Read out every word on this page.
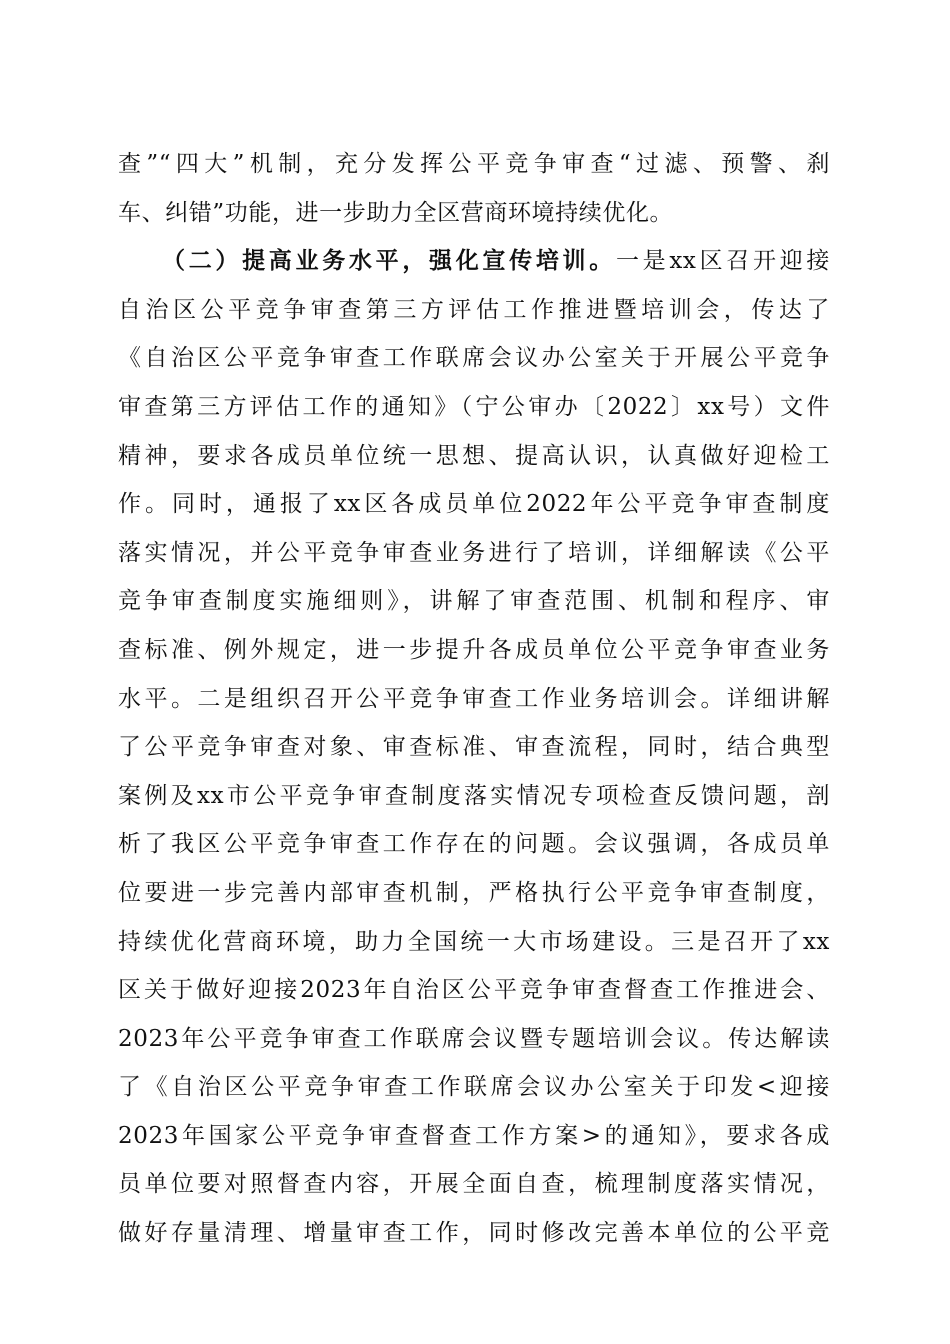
查”“四大”机制，充分发挥公平竞争审查“过滤、预警、刹
车、纠错”功能，进一步助力全区营商环境持续优化。
（二）提高业务水平，强化宣传培训。一是xx区召开迎接
自治区公平竞争审查第三方评估工作推进暨培训会，传达了
《自治区公平竞争审查工作联席会议办公室关于开展公平竞争
审查第三方评估工作的通知》（宁公审办〔2022〕xx号）文件
精神，要求各成员单位统一思想、提高认识，认真做好迎检工
作。同时，通报了xx区各成员单位2022年公平竞争审查制度
落实情况，并公平竞争审查业务进行了培训，详细解读《公平
竞争审查制度实施细则》，讲解了审查范围、机制和程序、审
查标准、例外规定，进一步提升各成员单位公平竞争审查业务
水平。二是组织召开公平竞争审查工作业务培训会。详细讲解
了公平竞争审查对象、审查标准、审查流程，同时，结合典型
案例及xx市公平竞争审查制度落实情况专项检查反馈问题，剖
析了我区公平竞争审查工作存在的问题。会议强调，各成员单
位要进一步完善内部审查机制，严格执行公平竞争审查制度，
持续优化营商环境，助力全国统一大市场建设。三是召开了xx
区关于做好迎接2023年自治区公平竞争审查督查工作推进会、
2023年公平竞争审查工作联席会议暨专题培训会议。传达解读
了《自治区公平竞争审查工作联席会议办公室关于印发<迎接
2023年国家公平竞争审查督查工作方案>的通知》，要求各成
员单位要对照督查内容，开展全面自查，梳理制度落实情况，
做好存量清理、增量审查工作，同时修改完善本单位的公平竞
